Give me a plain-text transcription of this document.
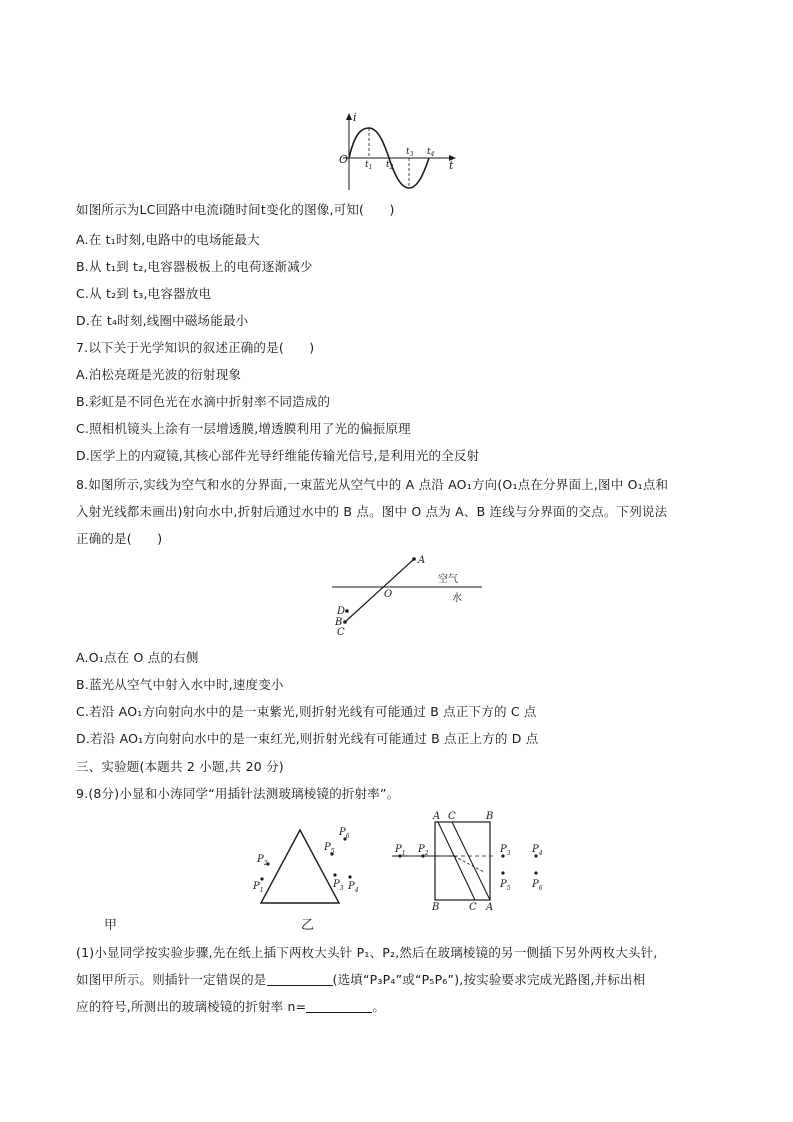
i
t
O $t_1$ $t_2$
$t_3$ $t_4$
如图所示为LC回路中电流i随时间t变化的图像,可知(　　)
A.在 t₁时刻,电路中的电场能最大
B.从 t₁到 t₂,电容器极板上的电荷逐渐减少
C.从 t₂到 t₃,电容器放电
D.在 t₄时刻,线圈中磁场能最小
7.以下关于光学知识的叙述正确的是(　　)
A.泊松亮斑是光波的衍射现象
B.彩虹是不同色光在水滴中折射率不同造成的
C.照相机镜头上涂有一层增透膜,增透膜利用了光的偏振原理
D.医学上的内窥镜,其核心部件光导纤维能传输光信号,是利用光的全反射
8.如图所示,实线为空气和水的分界面,一束蓝光从空气中的 A 点沿 AO₁方向(O₁点在分界面上,图中 O₁点和
入射光线都未画出)射向水中,折射后通过水中的 B 点。图中 O 点为 A、B 连线与分界面的交点。下列说法
正确的是(　　)
A
O
D
B
C
空气
水
A.O₁点在 O 点的右侧
B.蓝光从空气中射入水中时,速度变小
C.若沿 AO₁方向射向水中的是一束紫光,则折射光线有可能通过 B 点正下方的 C 点
D.若沿 AO₁方向射向水中的是一束红光,则折射光线有可能通过 B 点正上方的 D 点
三、实验题(本题共 2 小题,共 20 分)
9.(8分)小显和小涛同学“用插针法测玻璃棱镜的折射率”。
$P_6$
$P_5$
$P_2$
$P_1$
$P_3$ $P_4$
A C	B
$P_1$ $P_2$	$P_3$ $P_4$
$P_5$ $P_6$
B	C A
甲	乙
(1)小显同学按实验步骤,先在纸上插下两枚大头针 P₁、P₂,然后在玻璃棱镜的另一侧插下另外两枚大头针,
如图甲所示。则插针一定错误的是	(选填“P₃P₄”或“P₅P₆”),按实验要求完成光路图,并标出相
应的符号,所测出的玻璃棱镜的折射率 n=	。
